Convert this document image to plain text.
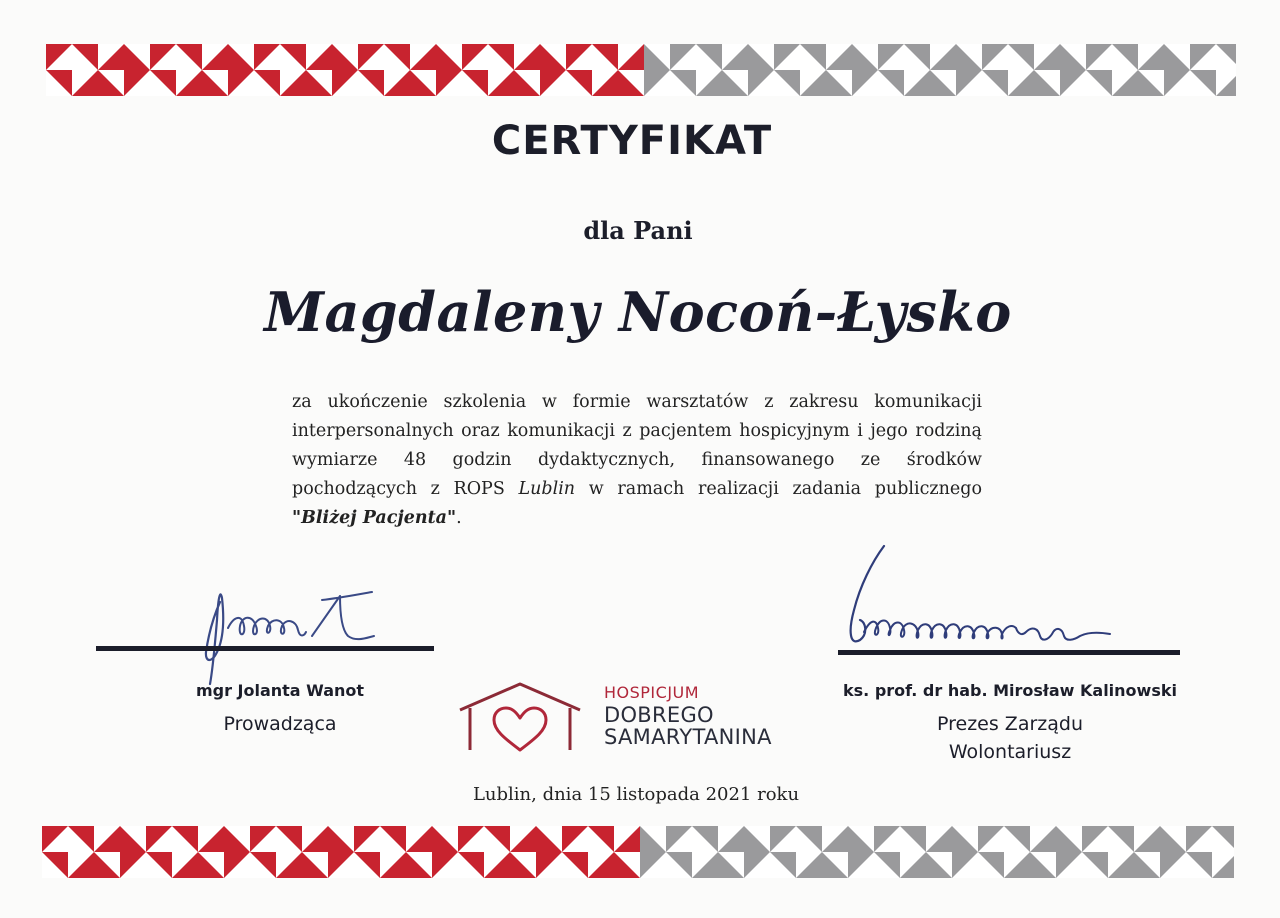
CERTYFIKAT
dla Pani
Magdaleny Nocoń-Łysko
za ukończenie szkolenia w formie warsztatów z zakresu komunikacji interpersonalnych oraz komunikacji z pacjentem hospicyjnym i jego rodziną wymiarze 48 godzin dydaktycznych, finansowanego ze środków pochodzących z ROPS Lublin w ramach realizacji zadania publicznego "Bliżej Pacjenta".
mgr Jolanta Wanot
Prowadząca
ks. prof. dr hab. Mirosław Kalinowski
Prezes Zarządu
Wolontariusz
HOSPICJUM
DOBREGO
SAMARYTANINA
Lublin, dnia 15 listopada 2021 roku
